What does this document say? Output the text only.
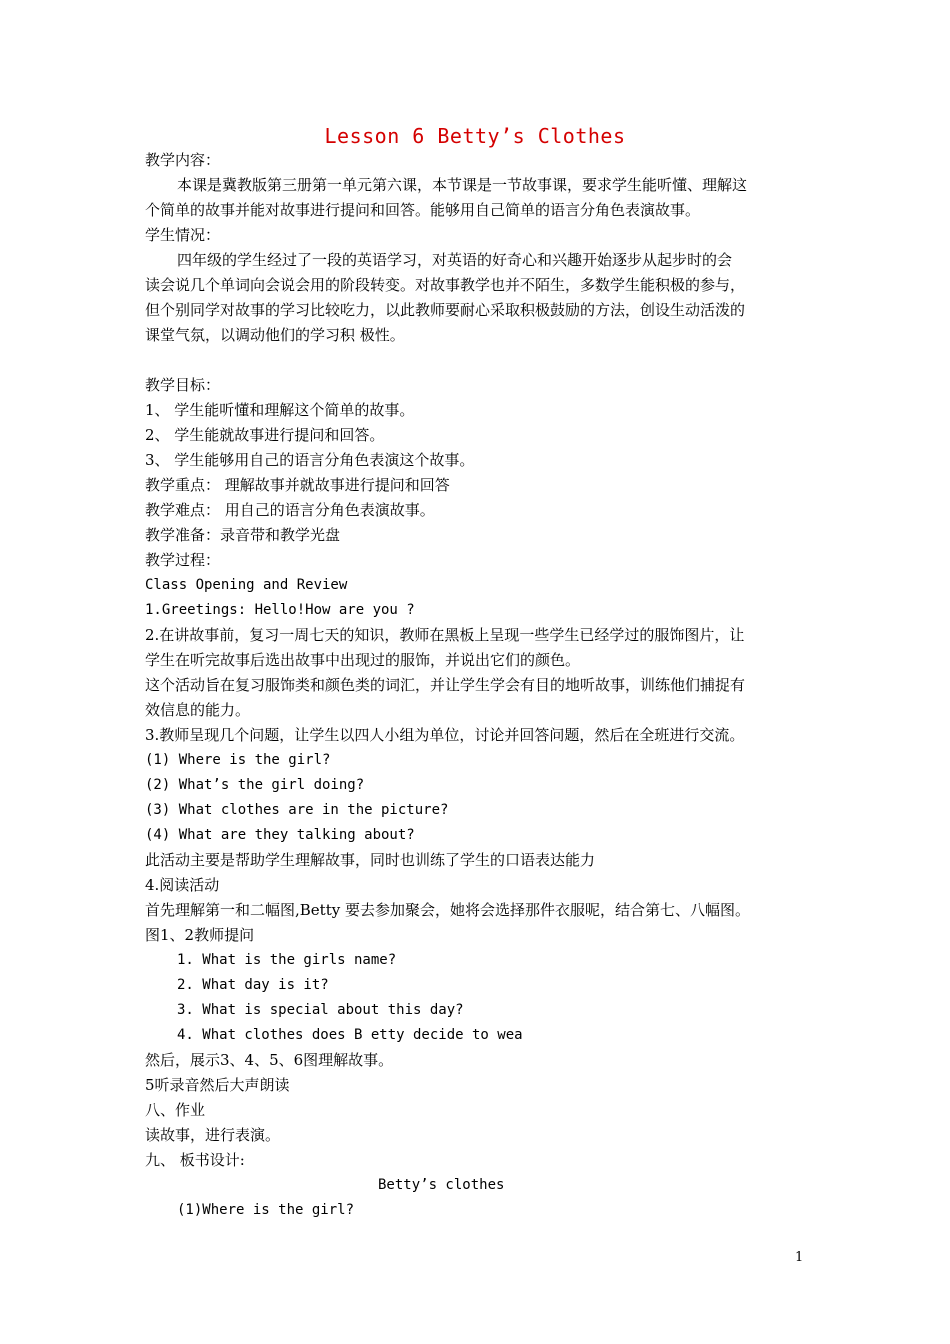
Lesson 6 Betty’s Clothes
教学内容：
本课是冀教版第三册第一单元第六课，本节课是一节故事课，要求学生能听懂、理解这
个简单的故事并能对故事进行提问和回答。能够用自己简单的语言分角色表演故事。
学生情况：
四年级的学生经过了一段的英语学习，对英语的好奇心和兴趣开始逐步从起步时的会
读会说几个单词向会说会用的阶段转变。对故事教学也并不陌生，多数学生能积极的参与，
但个别同学对故事的学习比较吃力，以此教师要耐心采取积极鼓励的方法，创设生动活泼的
课堂气氛，以调动他们的学习积 极性。
教学目标：
1、 学生能听懂和理解这个简单的故事。
2、 学生能就故事进行提问和回答。
3、 学生能够用自己的语言分角色表演这个故事。
教学重点： 理解故事并就故事进行提问和回答
教学难点： 用自己的语言分角色表演故事。
教学准备：录音带和教学光盘
教学过程：
Class Opening and Review
1.Greetings: Hello!How are you ?
2.在讲故事前，复习一周七天的知识，教师在黑板上呈现一些学生已经学过的服饰图片，让
学生在听完故事后选出故事中出现过的服饰，并说出它们的颜色。
这个活动旨在复习服饰类和颜色类的词汇，并让学生学会有目的地听故事，训练他们捕捉有
效信息的能力。
3.教师呈现几个问题，让学生以四人小组为单位，讨论并回答问题，然后在全班进行交流。
(1) Where is the girl?
(2) What’s the girl doing?
(3) What clothes are in the picture?
(4) What are they talking about?
此活动主要是帮助学生理解故事，同时也训练了学生的口语表达能力
4.阅读活动
首先理解第一和二幅图,Betty 要去参加聚会，她将会选择那件衣服呢，结合第七、八幅图。
图1、2教师提问
1. What is the girls name?
2. What day is it?
3. What is special about this day?
4. What clothes does B etty decide to wea
然后，展示3、4、5、6图理解故事。
5听录音然后大声朗读
八、作业
读故事，进行表演。
九、 板书设计:
Betty’s clothes
(1)Where is the girl?
1
